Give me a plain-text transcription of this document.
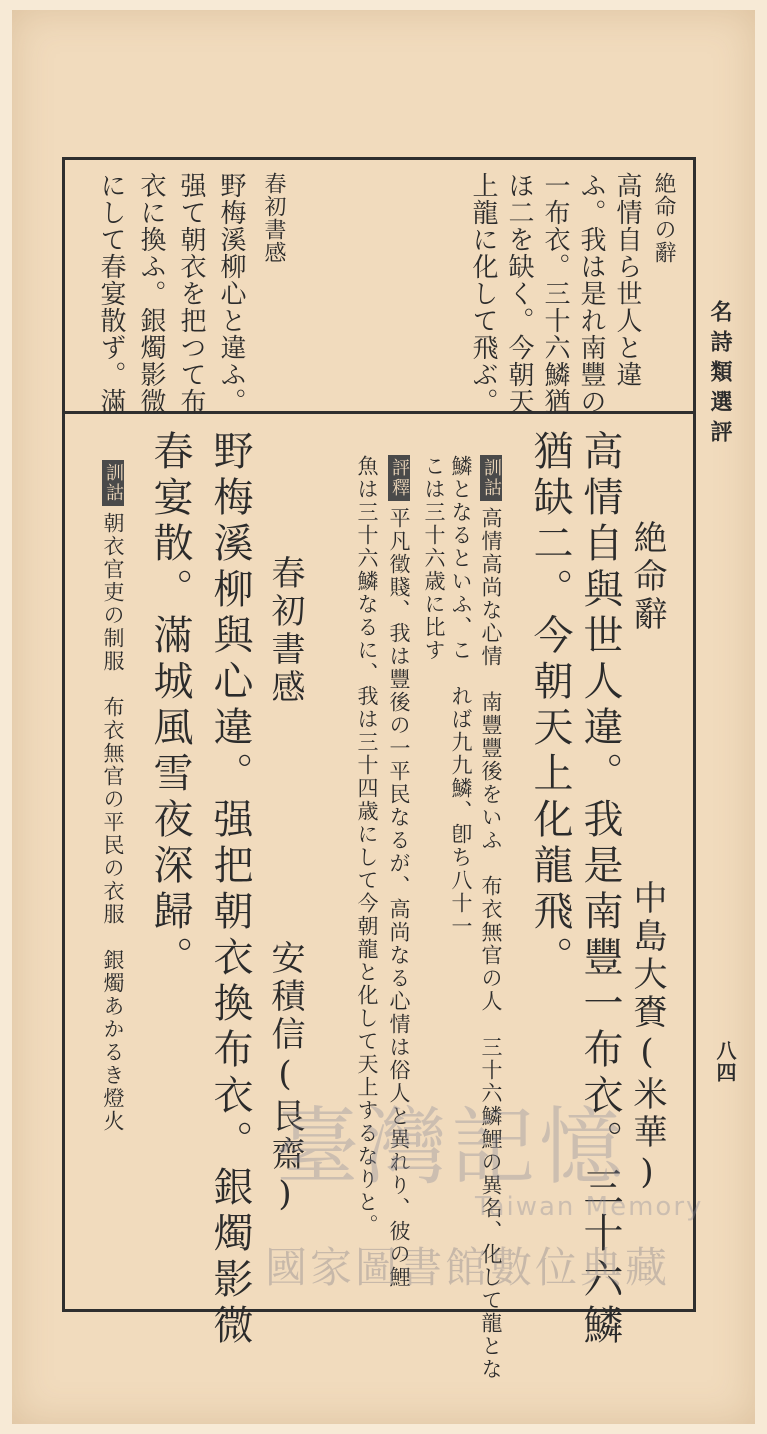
名詩類選評
八四
絶命の辭
高情自ら世人と違
ふ。我は是れ南豐の
一布衣。三十六鱗猶
ほ二を缺く。今朝天
上龍に化して飛ぶ。
春初書感
野梅溪柳心と違ふ。
强て朝衣を把つて布
衣に換ふ。銀燭影微
にして春宴散ず。滿
絶命辭
中島大賚(米華)
高情自與世人違。我是南豐一布衣。三十六鱗
猶缺二。今朝天上化龍飛。
訓詁高情高尚な心情　南豐豐後をいふ　布衣無官の人　三十六鱗鯉の異名、化して龍とな
鱗となるといふ、こ　れば九九鱗、卽ち八十一
こは三十六歳に比す
評釋平凡徵賤、我は豐後の一平民なるが、高尚なる心情は俗人と異れり、彼の鯉
魚は三十六鱗なるに、我は三十四歳にして今朝龍と化して天上するなりと。
春初書感
安積信(艮齋)
野梅溪柳與心違。强把朝衣換布衣。銀燭影微
春宴散。滿城風雪夜深歸。
訓詁朝衣官吏の制服　布衣無官の平民の衣服　銀燭あかるき燈火
臺灣記憶
Taiwan Memory
國家圖書館數位典藏
